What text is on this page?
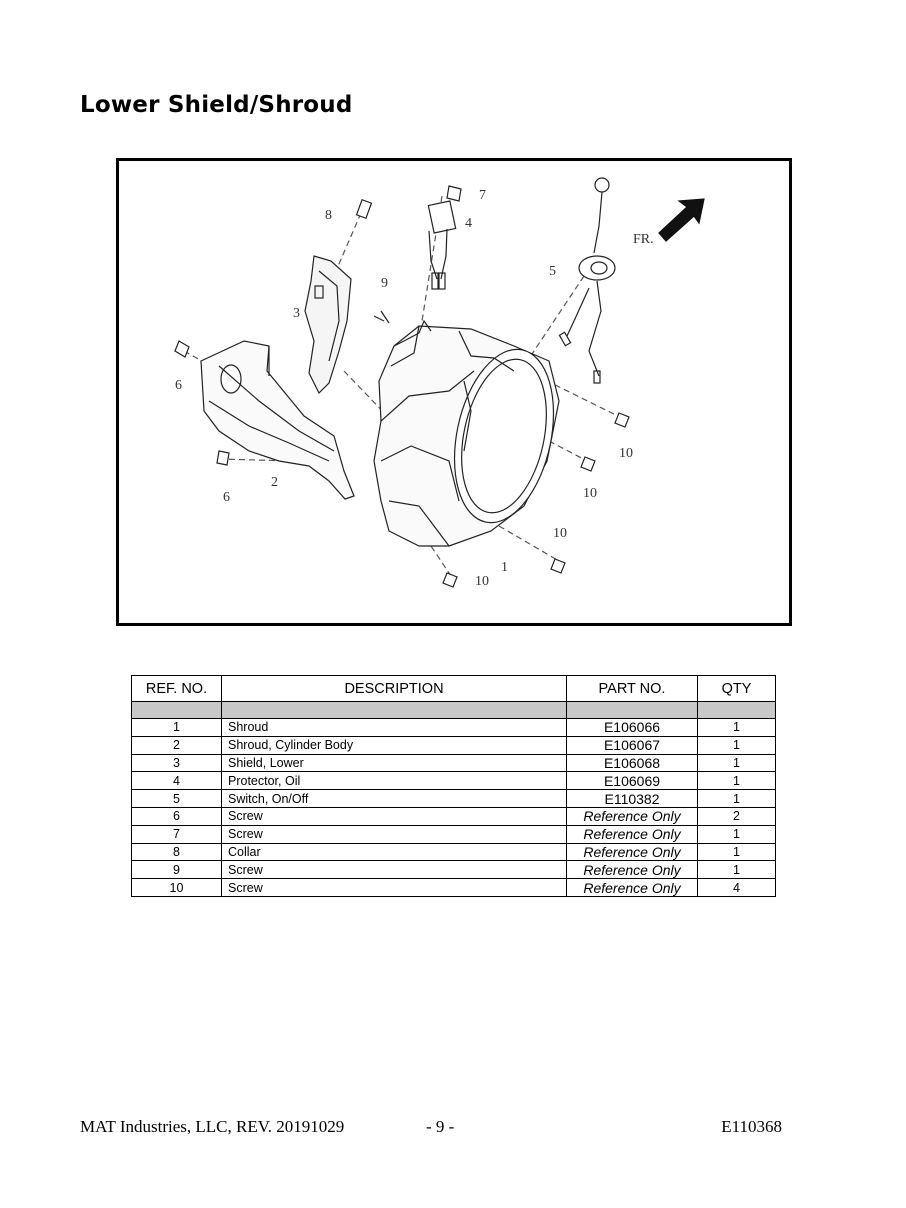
Lower Shield/Shroud
FR.
1
2
3
4
5
6
6
7
8
9
10
10
10
10
REF. NO.	DESCRIPTION	PART NO.	QTY

1	Shroud	E106066	1
2	Shroud, Cylinder Body	E106067	1
3	Shield, Lower	E106068	1
4	Protector, Oil	E106069	1
5	Switch, On/Off	E110382	1
6	Screw	Reference Only	2
7	Screw	Reference Only	1
8	Collar	Reference Only	1
9	Screw	Reference Only	1
10	Screw	Reference Only	4
MAT Industries, LLC, REV. 20191029	- 9 -	E110368
